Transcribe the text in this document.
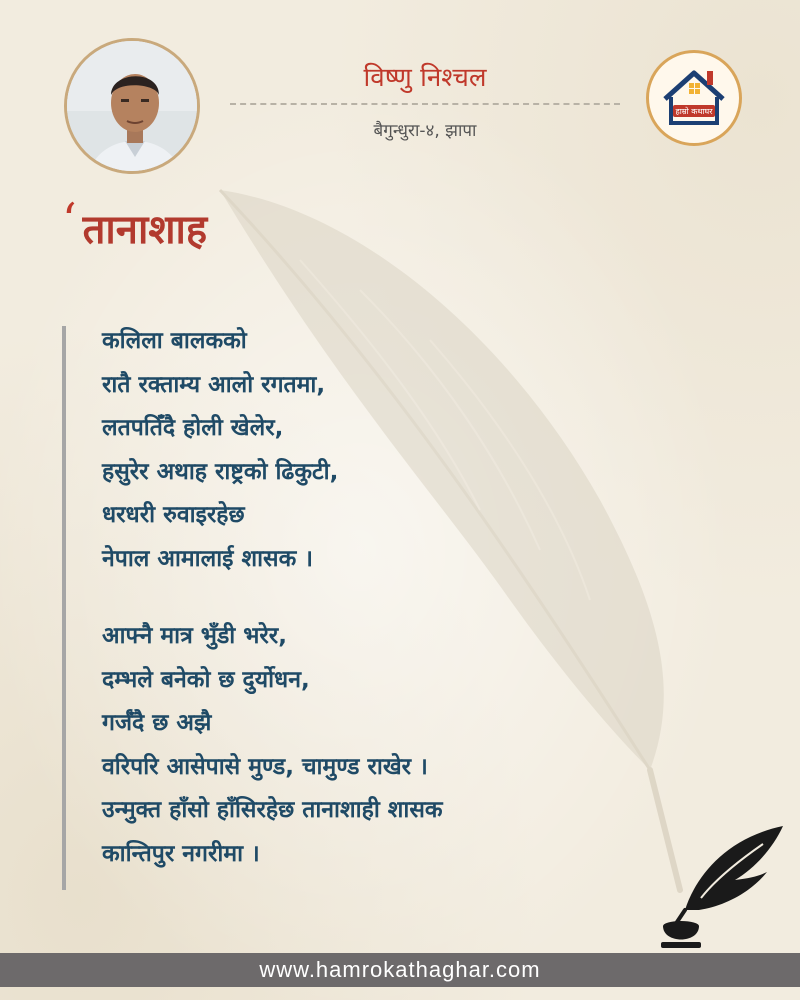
विष्णु निश्चल
बैगुन्धुरा-४, झापा
हाम्रो कथाघर
‘ तानाशाह
कलिला बालकको
रातै रक्ताम्य आलो रगतमा,
लतपतिँदै होली खेलेर,
हसुरेर अथाह राष्ट्रको ढिकुटी,
धरधरी रुवाइरहेछ
नेपाल आमालाई शासक ।
आफ्नै मात्र भुँडी भरेर,
दम्भले बनेको छ दुर्योधन,
गर्जँदै छ अझै
वरिपरि आसेपासे मुण्ड, चामुण्ड राखेर ।
उन्मुक्त हाँसो हाँसिरहेछ तानाशाही शासक
कान्तिपुर नगरीमा ।
www.hamrokathaghar.com
